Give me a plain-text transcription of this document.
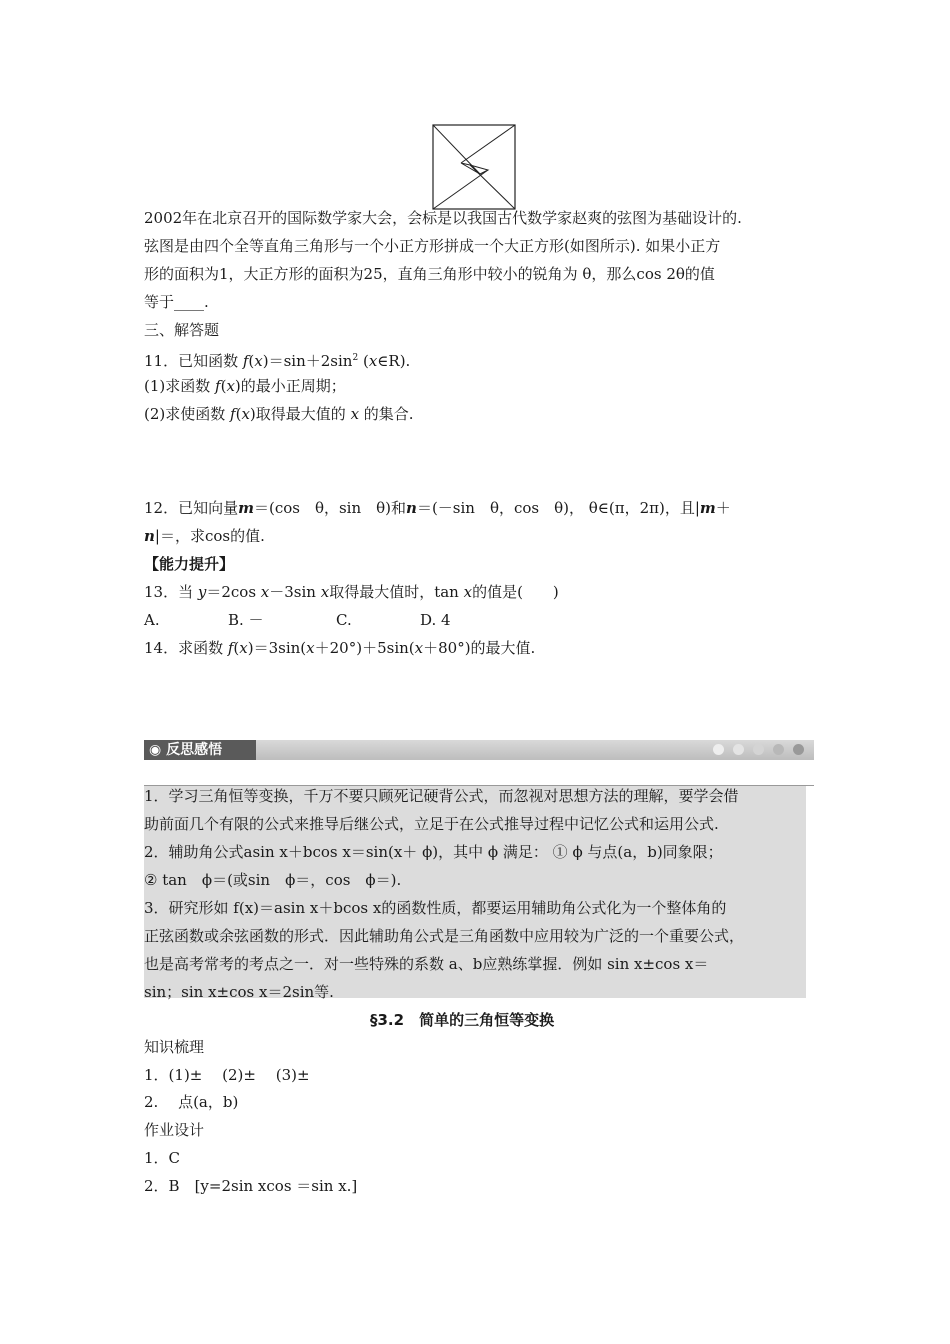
2002年在北京召开的国际数学家大会，会标是以我国古代数学家赵爽的弦图为基础设计的.
弦图是由四个全等直角三角形与一个小正方形拼成一个大正方形(如图所示). 如果小正方
形的面积为1，大正方形的面积为25，直角三角形中较小的锐角为 θ，那么cos 2θ的值
等于____.
三、解答题
11．已知函数 $f(x)=\sin+2\sin^2$ (x∈R).
(1)求函数 f(x)的最小正周期；
(2)求使函数 f(x)取得最大值的 x 的集合.
12．已知向量m＝(cos　θ，sin　θ)和n＝(－sin　θ，cos　θ)， θ∈(π，2π)，且|m＋
n|＝，求cos的值.
【能力提升】
13．当 y＝2cos x－3sin x取得最大值时，tan x的值是(　　)
A.	B. －	C.	D. 4
14．求函数 f(x)＝3sin(x＋20°)＋5sin(x＋80°)的最大值.
◉ 反思感悟
1．学习三角恒等变换，千万不要只顾死记硬背公式，而忽视对思想方法的理解，要学会借
助前面几个有限的公式来推导后继公式，立足于在公式推导过程中记忆公式和运用公式.
2．辅助角公式asin x＋bcos x＝sin(x＋ ϕ)，其中 ϕ 满足： ① ϕ 与点(a，b)同象限；
② tan　ϕ＝(或sin　ϕ＝，cos　ϕ＝).
3．研究形如 f(x)＝asin x＋bcos x的函数性质，都要运用辅助角公式化为一个整体角的
正弦函数或余弦函数的形式．因此辅助角公式是三角函数中应用较为广泛的一个重要公式，
也是高考常考的考点之一．对一些特殊的系数 a、b应熟练掌握．例如 sin x±cos x＝
sin；sin x±cos x＝2sin等.
§3.2　简单的三角恒等变换
知识梳理
1．(1)±　 (2)±　 (3)±
2.　 点(a，b)
作业设计
1．C
2．B　[y=2sin xcos ＝sin x.]
